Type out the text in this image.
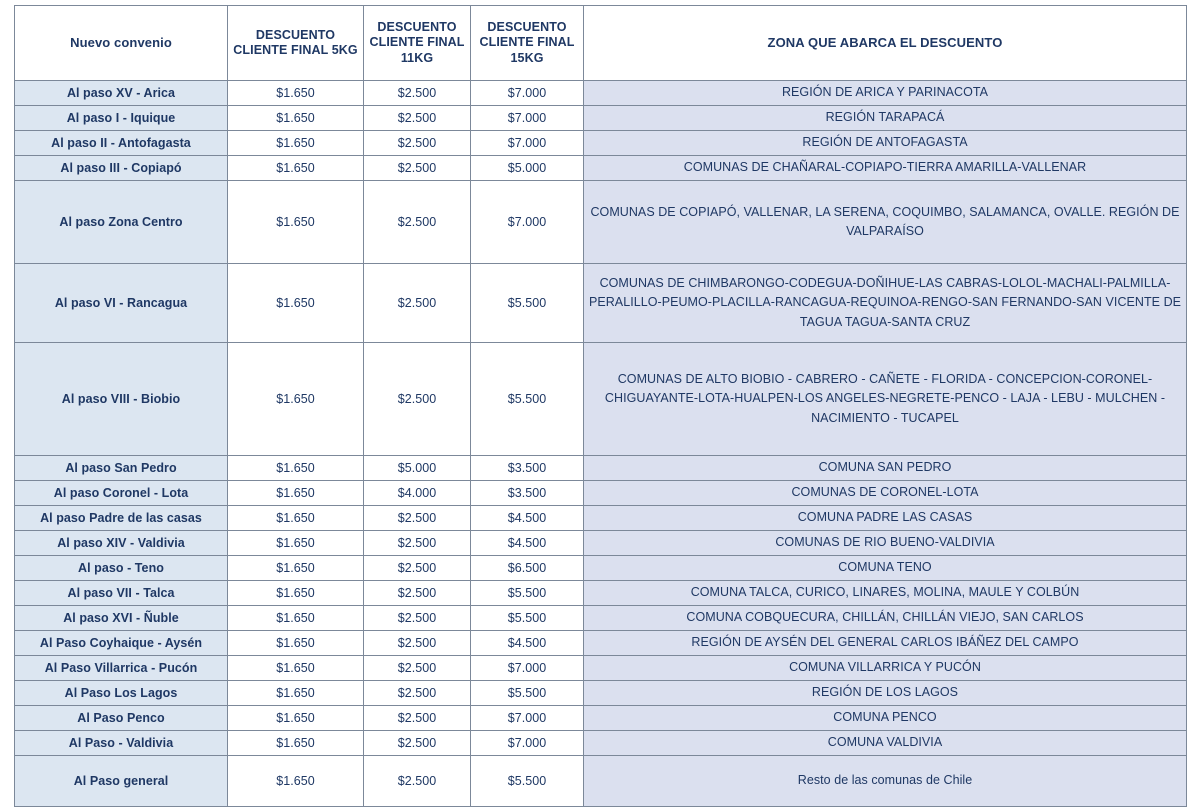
Nuevo convenio	DESCUENTO CLIENTE FINAL 5KG	DESCUENTO CLIENTE FINAL 11KG	DESCUENTO CLIENTE FINAL 15KG	ZONA QUE ABARCA EL DESCUENTO
Al paso XV - Arica	$1.650	$2.500	$7.000	REGIÓN DE ARICA Y PARINACOTA
Al paso I - Iquique	$1.650	$2.500	$7.000	REGIÓN TARAPACÁ
Al paso II - Antofagasta	$1.650	$2.500	$7.000	REGIÓN DE ANTOFAGASTA
Al paso III - Copiapó	$1.650	$2.500	$5.000	COMUNAS DE CHAÑARAL-COPIAPO-TIERRA AMARILLA-VALLENAR
Al paso Zona Centro	$1.650	$2.500	$7.000	COMUNAS DE COPIAPÓ, VALLENAR, LA SERENA, COQUIMBO, SALAMANCA, OVALLE. REGIÓN DE VALPARAÍSO
Al paso VI - Rancagua	$1.650	$2.500	$5.500	COMUNAS DE CHIMBARONGO-CODEGUA-DOÑIHUE-LAS CABRAS-LOLOL-MACHALI-PALMILLA-PERALILLO-PEUMO-PLACILLA-RANCAGUA-REQUINOA-RENGO-SAN FERNANDO-SAN VICENTE DE TAGUA TAGUA-SANTA CRUZ
Al paso VIII - Biobio	$1.650	$2.500	$5.500	COMUNAS DE ALTO BIOBIO - CABRERO - CAÑETE - FLORIDA - CONCEPCION-CORONEL-CHIGUAYANTE-LOTA-HUALPEN-LOS ANGELES-NEGRETE-PENCO - LAJA - LEBU - MULCHEN - NACIMIENTO - TUCAPEL
Al paso San Pedro	$1.650	$5.000	$3.500	COMUNA SAN PEDRO
Al paso Coronel - Lota	$1.650	$4.000	$3.500	COMUNAS DE CORONEL-LOTA
Al paso Padre de las casas	$1.650	$2.500	$4.500	COMUNA PADRE LAS CASAS
Al paso XIV - Valdivia	$1.650	$2.500	$4.500	COMUNAS DE RIO BUENO-VALDIVIA
Al paso - Teno	$1.650	$2.500	$6.500	COMUNA TENO
Al paso VII - Talca	$1.650	$2.500	$5.500	COMUNA TALCA, CURICO, LINARES, MOLINA, MAULE Y COLBÚN
Al paso XVI - Ñuble	$1.650	$2.500	$5.500	COMUNA COBQUECURA, CHILLÁN, CHILLÁN VIEJO, SAN CARLOS
Al Paso Coyhaique - Aysén	$1.650	$2.500	$4.500	REGIÓN DE AYSÉN DEL GENERAL CARLOS IBÁÑEZ DEL CAMPO
Al Paso Villarrica - Pucón	$1.650	$2.500	$7.000	COMUNA VILLARRICA Y PUCÓN
Al Paso Los Lagos	$1.650	$2.500	$5.500	REGIÓN DE LOS LAGOS
Al Paso Penco	$1.650	$2.500	$7.000	COMUNA PENCO
Al Paso - Valdivia	$1.650	$2.500	$7.000	COMUNA VALDIVIA
Al Paso general	$1.650	$2.500	$5.500	Resto de las comunas de Chile
